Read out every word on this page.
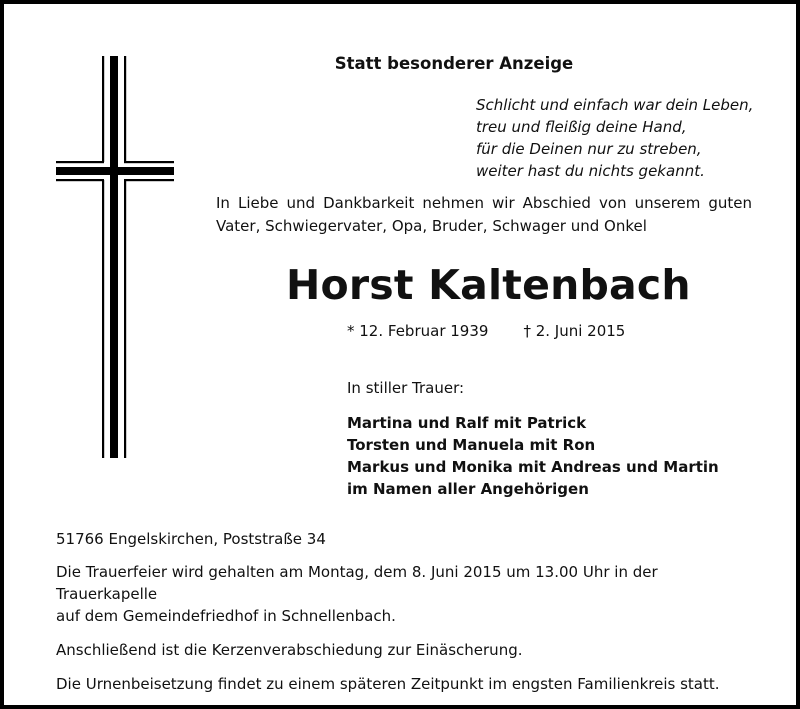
Statt besonderer Anzeige
Schlicht und einfach war dein Leben,
treu und fleißig deine Hand,
für die Deinen nur zu streben,
weiter hast du nichts gekannt.
In Liebe und Dankbarkeit nehmen wir Abschied von unserem guten
Vater, Schwiegervater, Opa, Bruder, Schwager und Onkel
Horst Kaltenbach
* 12. Februar 1939 † 2. Juni 2015
In stiller Trauer:
Martina und Ralf mit Patrick
Torsten und Manuela mit Ron
Markus und Monika mit Andreas und Martin
im Namen aller Angehörigen

51766 Engelskirchen, Poststraße 34

Die Trauerfeier wird gehalten am Montag, dem 8. Juni 2015 um 13.00 Uhr in der Trauerkapelle
auf dem Gemeindefriedhof in Schnellenbach.

Anschließend ist die Kerzenverabschiedung zur Einäscherung.

Die Urnenbeisetzung findet zu einem späteren Zeitpunkt im engsten Familienkreis statt.
